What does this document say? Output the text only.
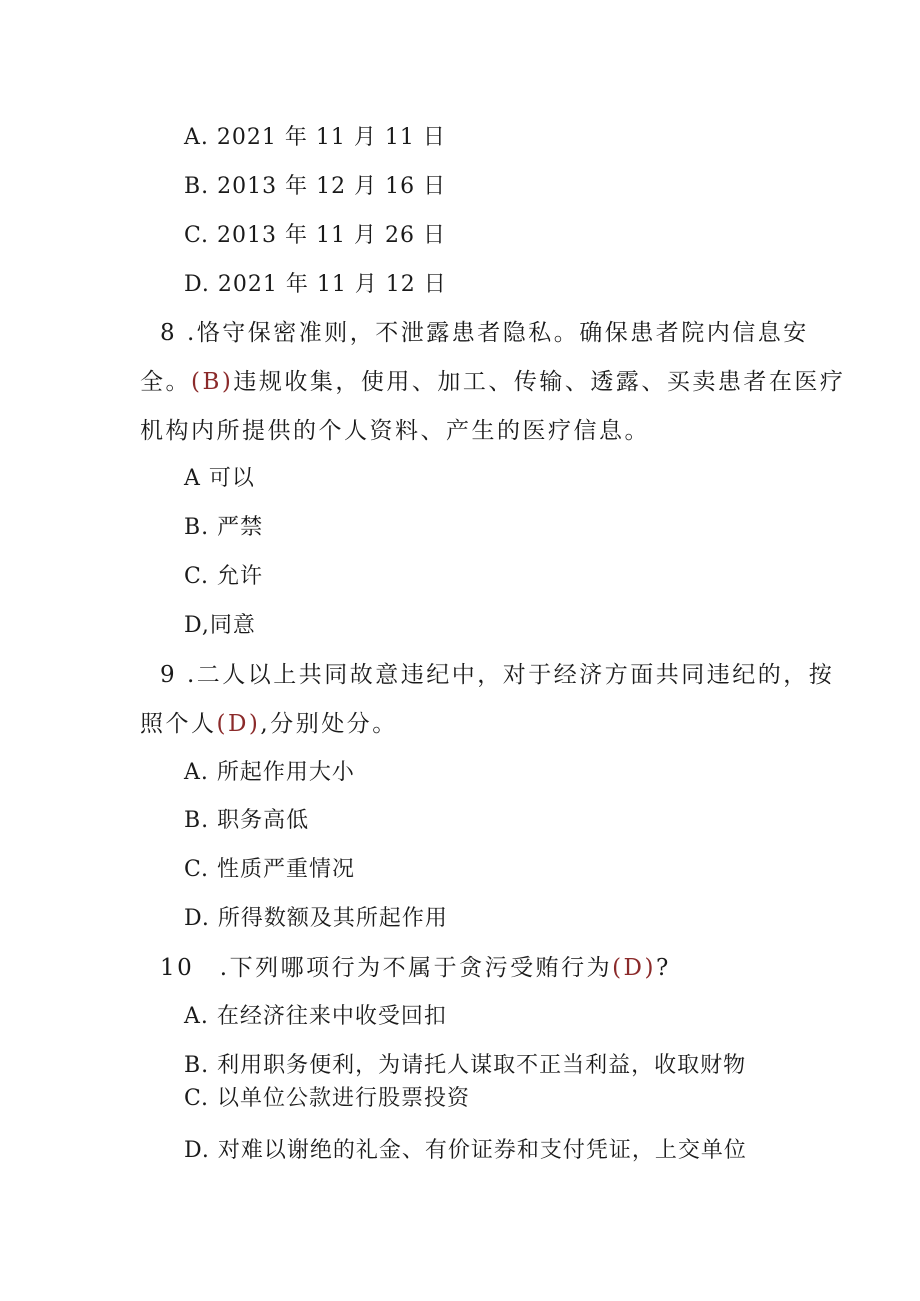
A. 2021 年 11 月 11 日
B. 2013 年 12 月 16 日
C. 2013 年 11 月 26 日
D. 2021 年 11 月 12 日
8 .恪守保密准则，不泄露患者隐私。确保患者院内信息安
全。(B)违规收集，使用、加工、传输、透露、买卖患者在医疗
机构内所提供的个人资料、产生的医疗信息。
A 可以
B. 严禁
C. 允许
D,同意
9 .二人以上共同故意违纪中，对于经济方面共同违纪的，按
照个人(D),分别处分。
A. 所起作用大小
B. 职务高低
C. 性质严重情况
D. 所得数额及其所起作用
10　.下列哪项行为不属于贪污受贿行为(D)?
A. 在经济往来中收受回扣
B. 利用职务便利，为请托人谋取不正当利益，收取财物
C. 以单位公款进行股票投资
D. 对难以谢绝的礼金、有价证券和支付凭证，上交单位
